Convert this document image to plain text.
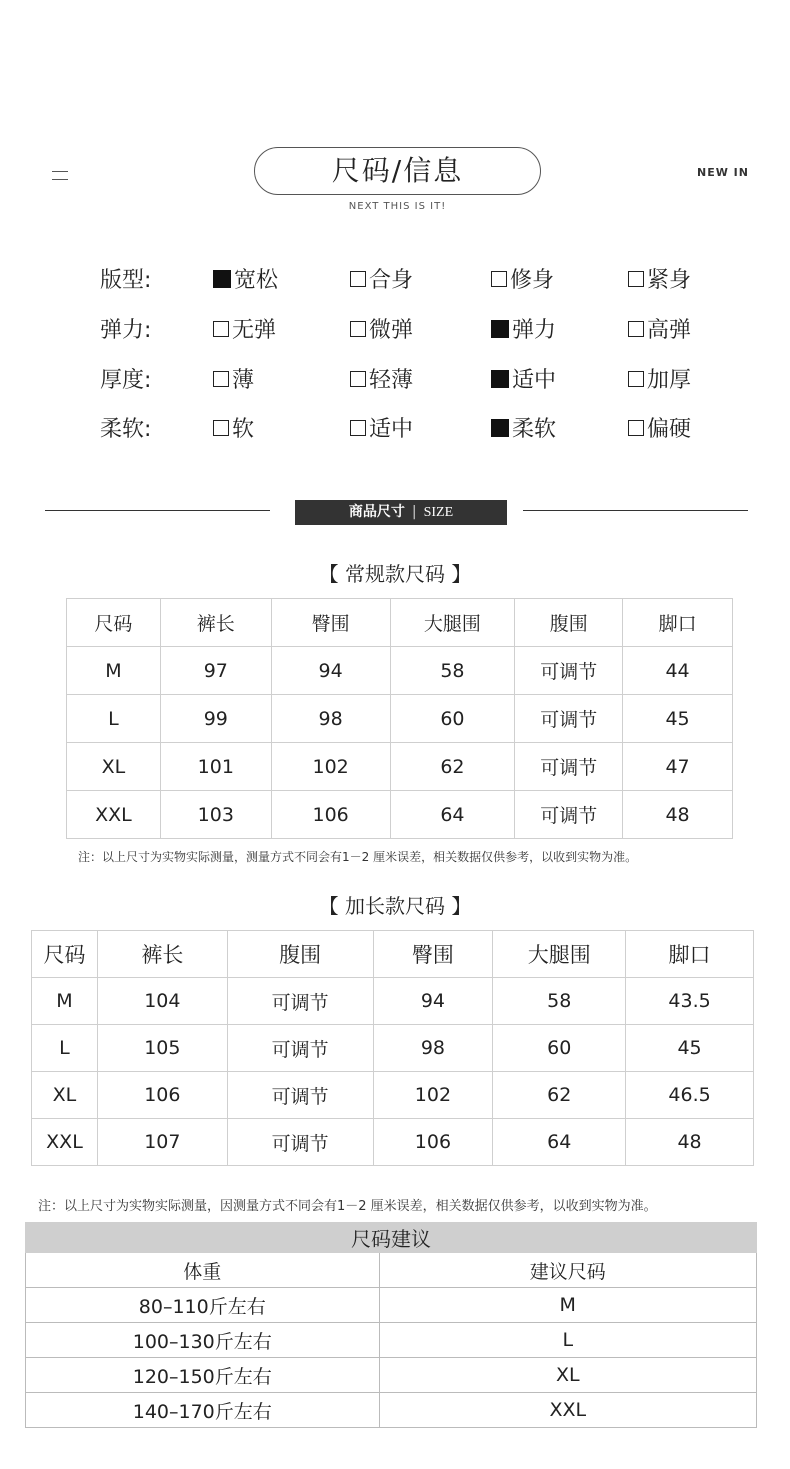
尺码/信息
NEXT THIS IS IT!
NEW IN
版型:	宽松	合身	修身	紧身
弹力:	无弹	微弹	弹力	高弹
厚度:	薄	轻薄	适中	加厚
柔软:	软	适中	柔软	偏硬
商品尺寸 | SIZE
【 常规款尺码 】
尺码	裤长	臀围	大腿围	腹围	脚口
M	97	94	58	可调节	44
L	99	98	60	可调节	45
XL	101	102	62	可调节	47
XXL	103	106	64	可调节	48
注：以上尺寸为实物实际测量，测量方式不同会有1－2 厘米误差，相关数据仅供参考，以收到实物为准。
【 加长款尺码 】
尺码	裤长	腹围	臀围	大腿围	脚口
M	104	可调节	94	58	43.5
L	105	可调节	98	60	45
XL	106	可调节	102	62	46.5
XXL	107	可调节	106	64	48
注：以上尺寸为实物实际测量，因测量方式不同会有1－2 厘米误差，相关数据仅供参考，以收到实物为准。
尺码建议	
体重	建议尺码
80–110斤左右	M
100–130斤左右	L
120–150斤左右	XL
140–170斤左右	XXL
